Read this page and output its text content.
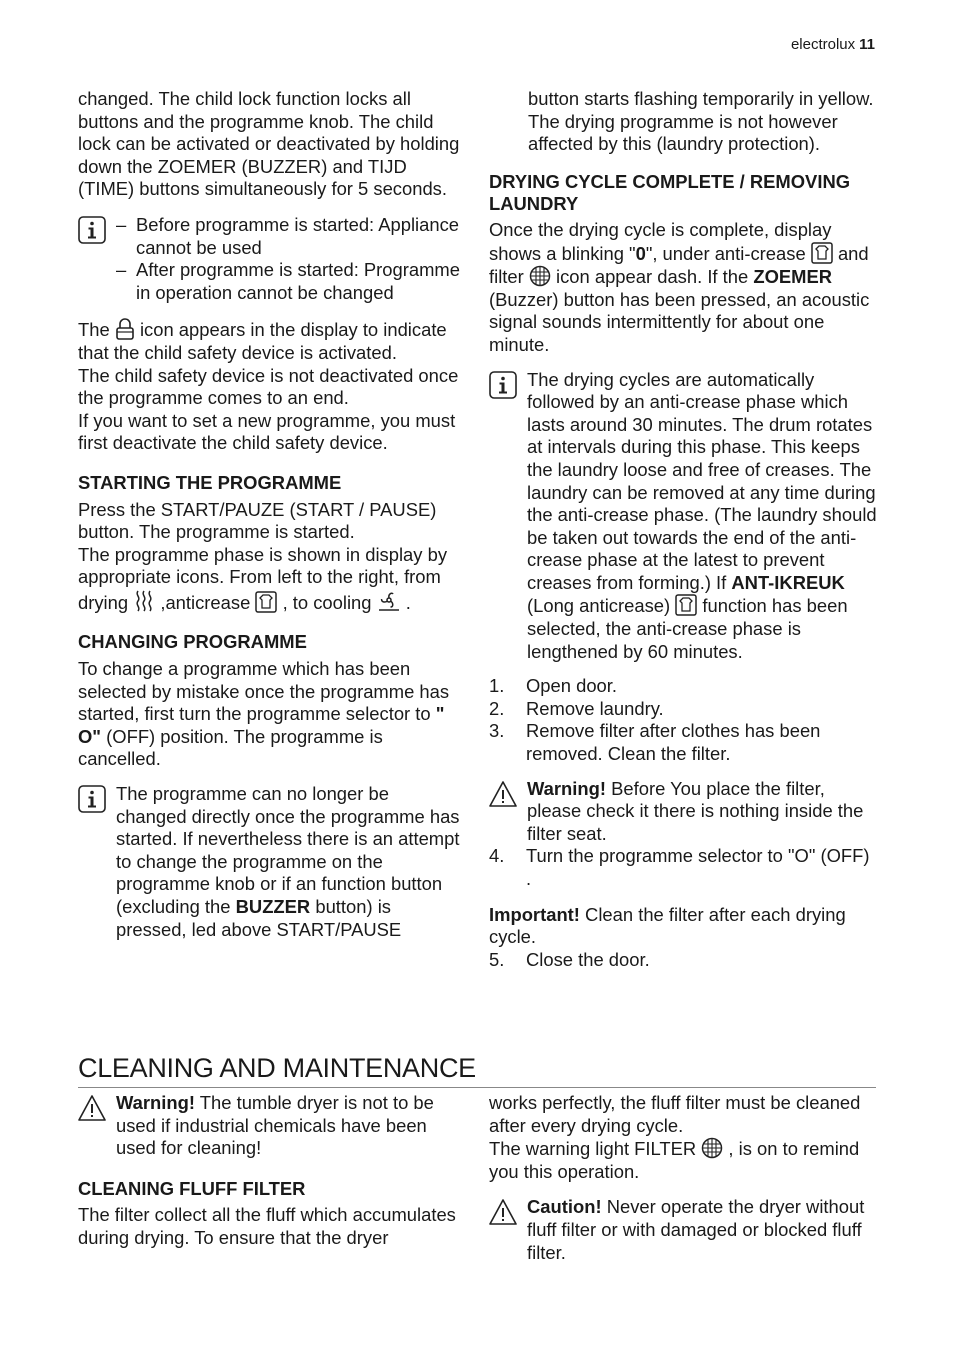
electrolux 11

changed. The child lock function locks all buttons and the programme knob. The child lock can be activated or deactivated by holding down the ZOEMER (BUZZER) and TIJD (TIME) buttons simultaneously for 5 seconds.

– Before programme is started: Appliance cannot be used
– After programme is started: Programme in operation cannot be changed

The icon appears in the display to indicate that the child safety device is activated.

The child safety device is not deactivated once the programme comes to an end.

If you want to set a new programme, you must first deactivate the child safety device.

STARTING THE PROGRAMME

Press the START/PAUZE (START / PAUSE) button. The programme is started.

The programme phase is shown in display by appropriate icons. From left to the right, from drying ,anticrease , to cooling .

CHANGING PROGRAMME

To change a programme which has been selected by mistake once the programme has started, first turn the programme selector to " O" (OFF) position. The programme is cancelled.

The programme can no longer be changed directly once the programme has started. If nevertheless there is an attempt to change the programme on the programme knob or if an function button (excluding the BUZZER button) is pressed, led above START/PAUSE

button starts flashing temporarily in yellow. The drying programme is not however affected by this (laundry protection).

DRYING CYCLE COMPLETE / REMOVING LAUNDRY

Once the drying cycle is complete, display shows a blinking "0", under anti-crease and filter icon appear dash. If the ZOEMER (Buzzer) button has been pressed, an acoustic signal sounds intermittently for about one minute.

The drying cycles are automatically followed by an anti-crease phase which lasts around 30 minutes. The drum rotates at intervals during this phase. This keeps the laundry loose and free of creases. The laundry can be removed at any time during the anti-crease phase. (The laundry should be taken out towards the end of the anti-crease phase at the latest to prevent creases from forming.) If ANT-IKREUK (Long anticrease) function has been selected, the anti-crease phase is lengthened by 60 minutes.
1. Open door.
2. Remove laundry.
3. Remove filter after clothes has been removed. Clean the filter.
Warning! Before You place the filter, please check it there is nothing inside the filter seat.
4. Turn the programme selector to "O" (OFF) .

Important! Clean the filter after each drying cycle.

5. Close the door.
CLEANING AND MAINTENANCE
Warning! The tumble dryer is not to be used if industrial chemicals have been used for cleaning!
CLEANING FLUFF FILTER

The filter collect all the fluff which accumulates during drying. To ensure that the dryer

works perfectly, the fluff filter must be cleaned after every drying cycle.

The warning light FILTER , is on to remind you this operation.

Caution! Never operate the dryer without fluff filter or with damaged or blocked fluff filter.
